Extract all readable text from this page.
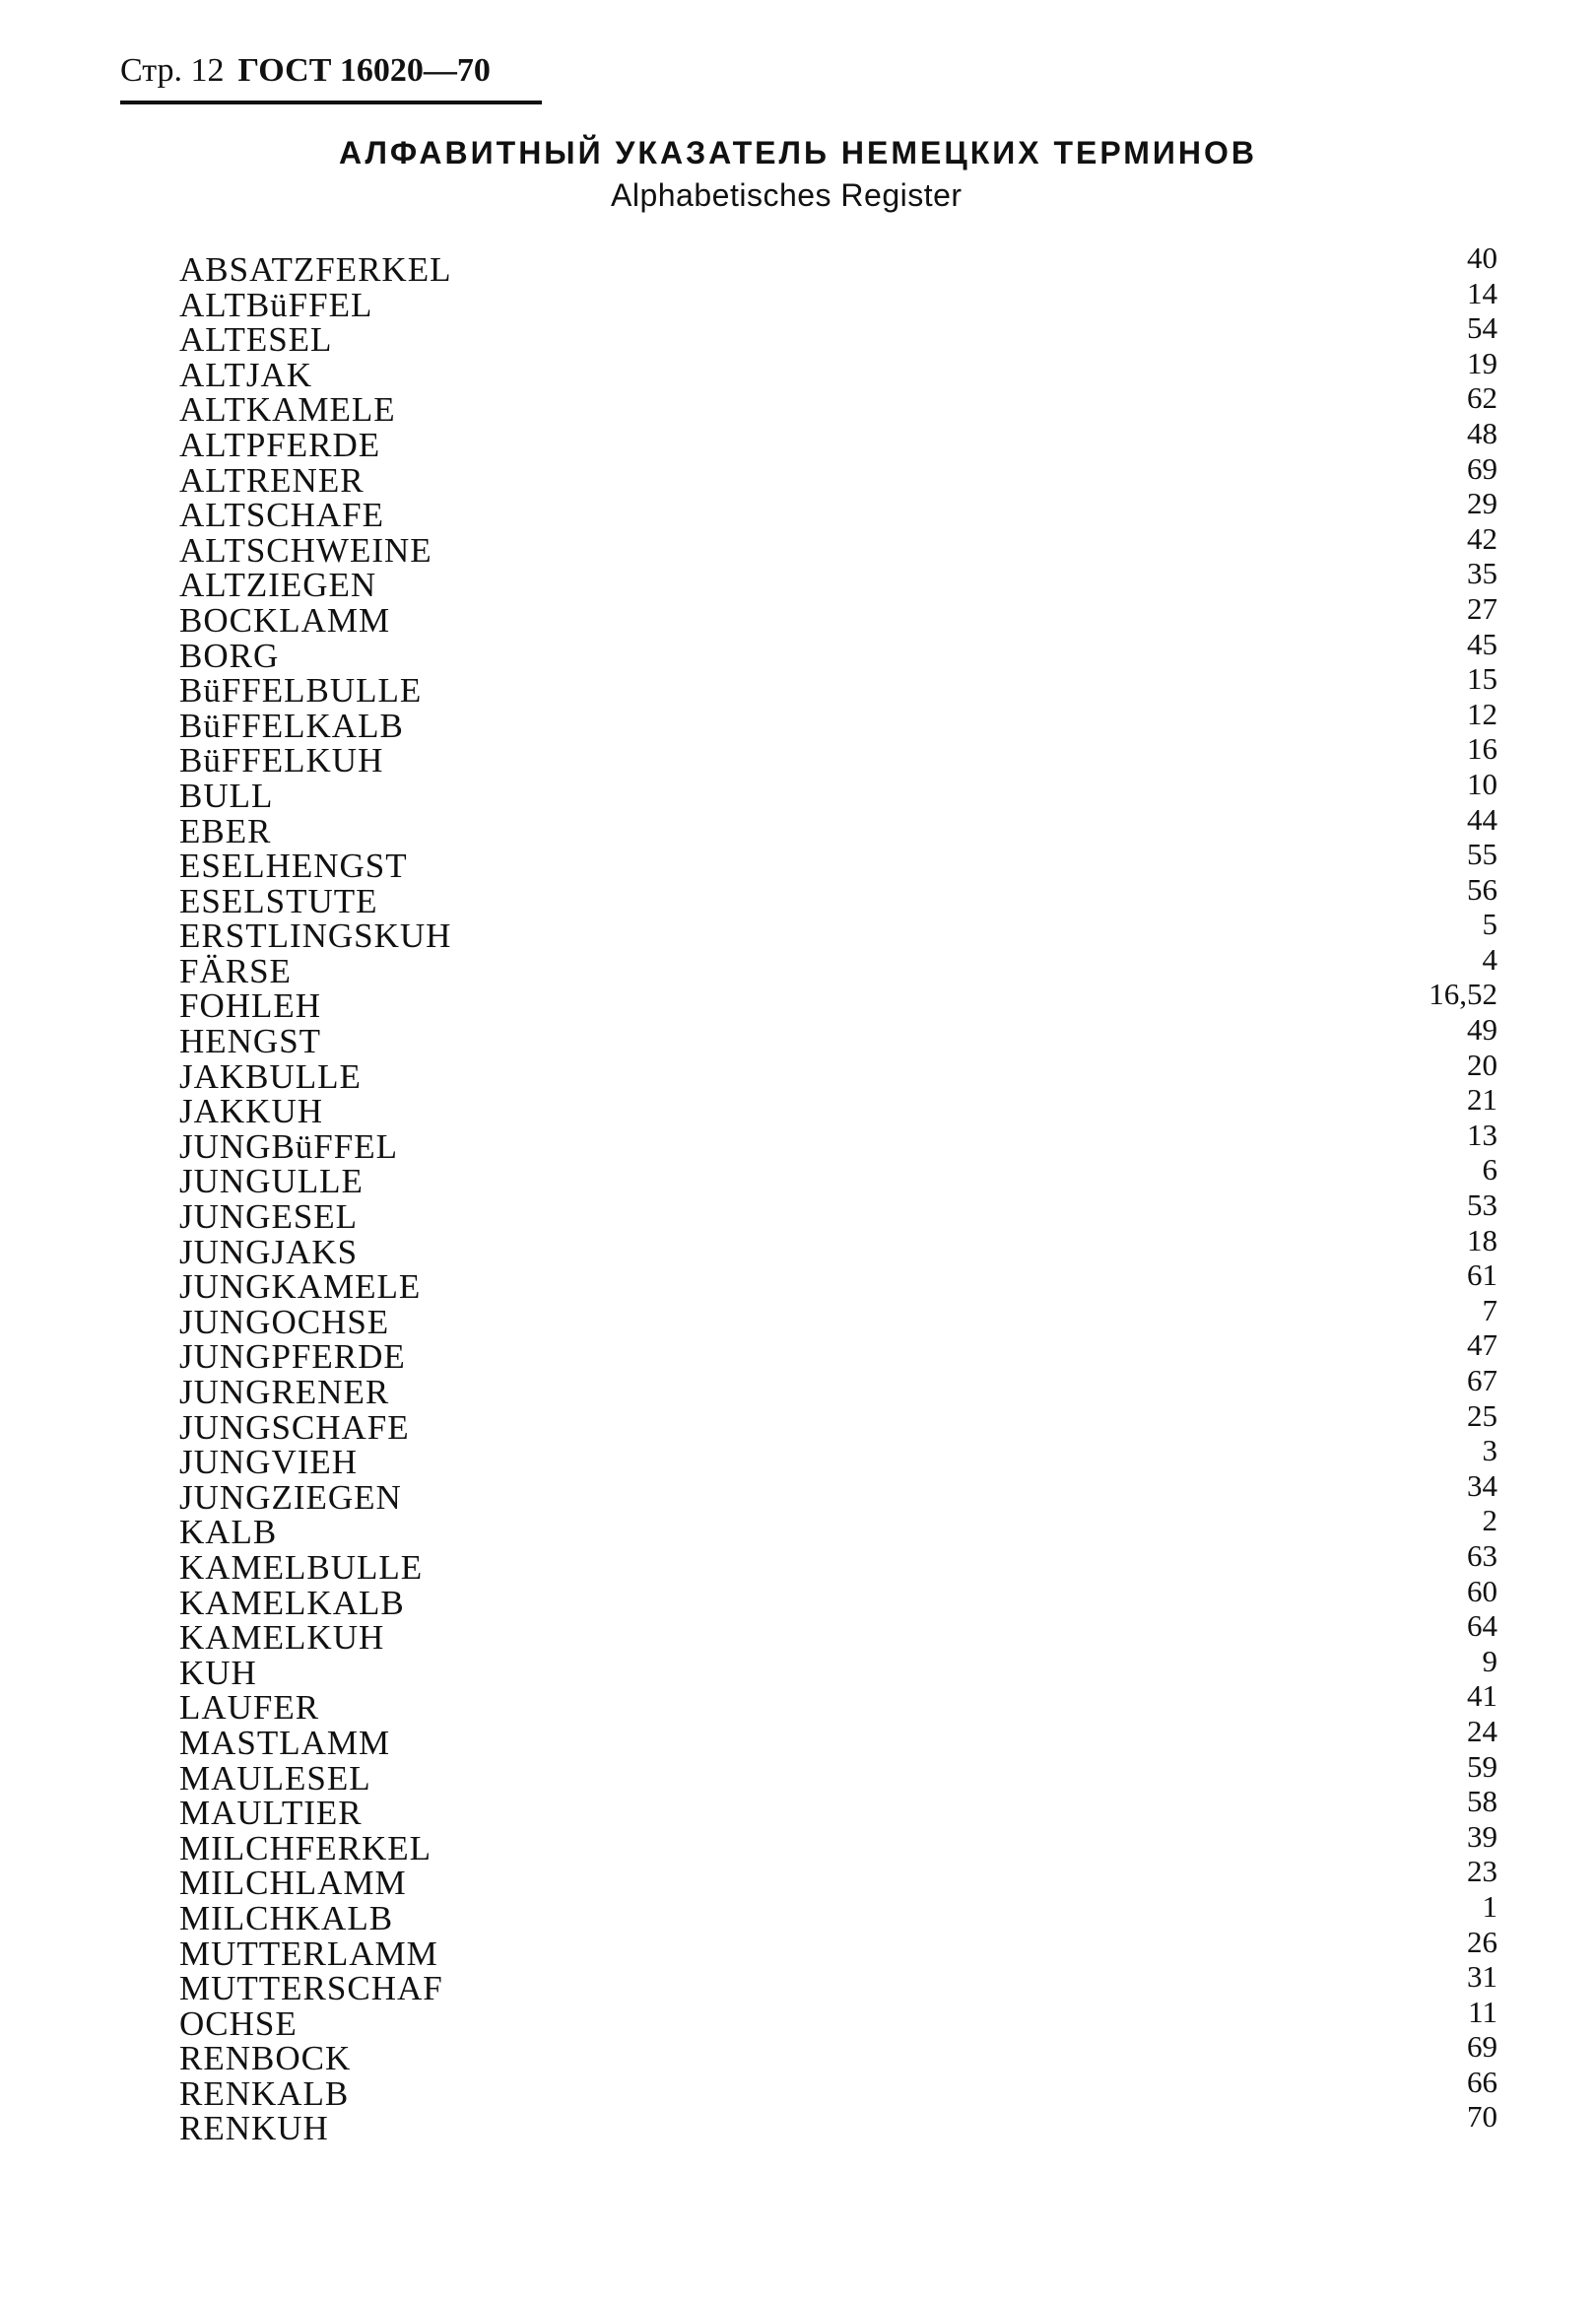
Стр. 12 ГОСТ 16020—70
АЛФАВИТНЫЙ УКАЗАТЕЛЬ НЕМЕЦКИХ ТЕРМИНОВ
Alphabetisches Register
ABSATZFERKEL	40
ALTBüFFEL	14
ALTESEL	54
ALTJAK	19
ALTKAMELE	62
ALTPFERDE	48
ALTRENER	69
ALTSCHAFE	29
ALTSCHWEINE	42
ALTZIEGEN	35
BOCKLAMM	27
BORG	45
BüFFELBULLE	15
BüFFELKALB	12
BüFFELKUH	16
BULL	10
EBER	44
ESELHENGST	55
ESELSTUTE	56
ERSTLINGSKUH	5
FÄRSE	4
FOHLEH	16,52
HENGST	49
JAKBULLE	20
JAKKUH	21
JUNGBüFFEL	13
JUNGULLE	6
JUNGESEL	53
JUNGJAKS	18
JUNGKAMELE	61
JUNGOCHSE	7
JUNGPFERDE	47
JUNGRENER	67
JUNGSCHAFE	25
JUNGVIEH	3
JUNGZIEGEN	34
KALB	2
KAMELBULLE	63
KAMELKALB	60
KAMELKUH	64
KUH	9
LAUFER	41
MASTLAMM	24
MAULESEL	59
MAULTIER	58
MILCHFERKEL	39
MILCHLAMM	23
MILCHKALB	1
MUTTERLAMM	26
MUTTERSCHAF	31
OCHSE	11
RENBOCK	69
RENKALB	66
RENKUH	70
